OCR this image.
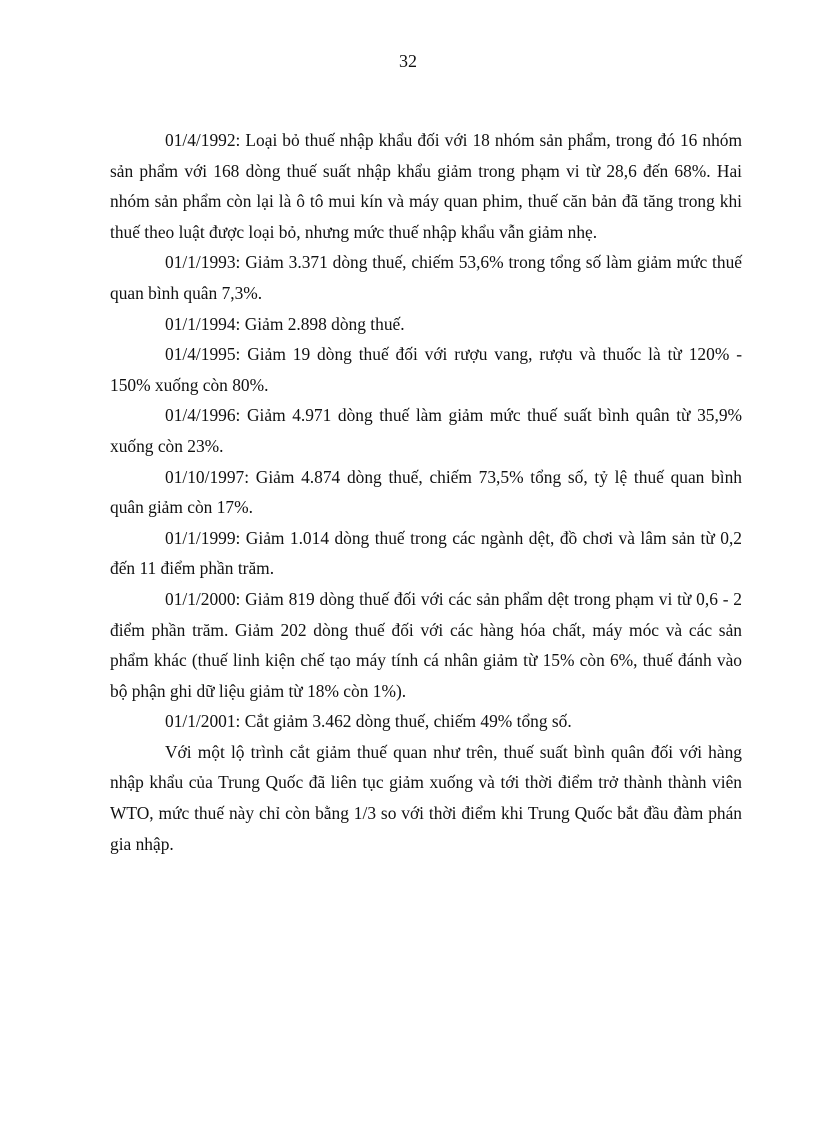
32

01/4/1992: Loại bỏ thuế nhập khẩu đối với 18 nhóm sản phẩm, trong đó 16 nhóm sản phẩm với 168 dòng thuế suất nhập khẩu giảm trong phạm vi từ 28,6 đến 68%. Hai nhóm sản phẩm còn lại là ô tô mui kín và máy quan phim, thuế căn bản đã tăng trong khi thuế theo luật được loại bỏ, nhưng mức thuế nhập khẩu vẫn giảm nhẹ.

01/1/1993: Giảm 3.371 dòng thuế, chiếm 53,6% trong tổng số làm giảm mức thuế quan bình quân 7,3%.

01/1/1994: Giảm 2.898 dòng thuế.

01/4/1995: Giảm 19 dòng thuế đối với rượu vang, rượu và thuốc là từ 120% - 150% xuống còn 80%.

01/4/1996: Giảm 4.971 dòng thuế làm giảm mức thuế suất bình quân từ 35,9% xuống còn 23%.

01/10/1997: Giảm 4.874 dòng thuế, chiếm 73,5% tổng số, tỷ lệ thuế quan bình quân giảm còn 17%.

01/1/1999: Giảm 1.014 dòng thuế trong các ngành dệt, đồ chơi và lâm sản từ 0,2 đến 11 điểm phần trăm.

01/1/2000: Giảm 819 dòng thuế đối với các sản phẩm dệt trong phạm vi từ 0,6 - 2 điểm phần trăm. Giảm 202 dòng thuế đối với các hàng hóa chất, máy móc và các sản phẩm khác (thuế linh kiện chế tạo máy tính cá nhân giảm từ 15% còn 6%, thuế đánh vào bộ phận ghi dữ liệu giảm từ 18% còn 1%).

01/1/2001: Cắt giảm 3.462 dòng thuế, chiếm 49% tổng số.

Với một lộ trình cắt giảm thuế quan như trên, thuế suất bình quân đối với hàng nhập khẩu của Trung Quốc đã liên tục giảm xuống và tới thời điểm trở thành thành viên WTO, mức thuế này chỉ còn bằng 1/3 so với thời điểm khi Trung Quốc bắt đầu đàm phán gia nhập.
